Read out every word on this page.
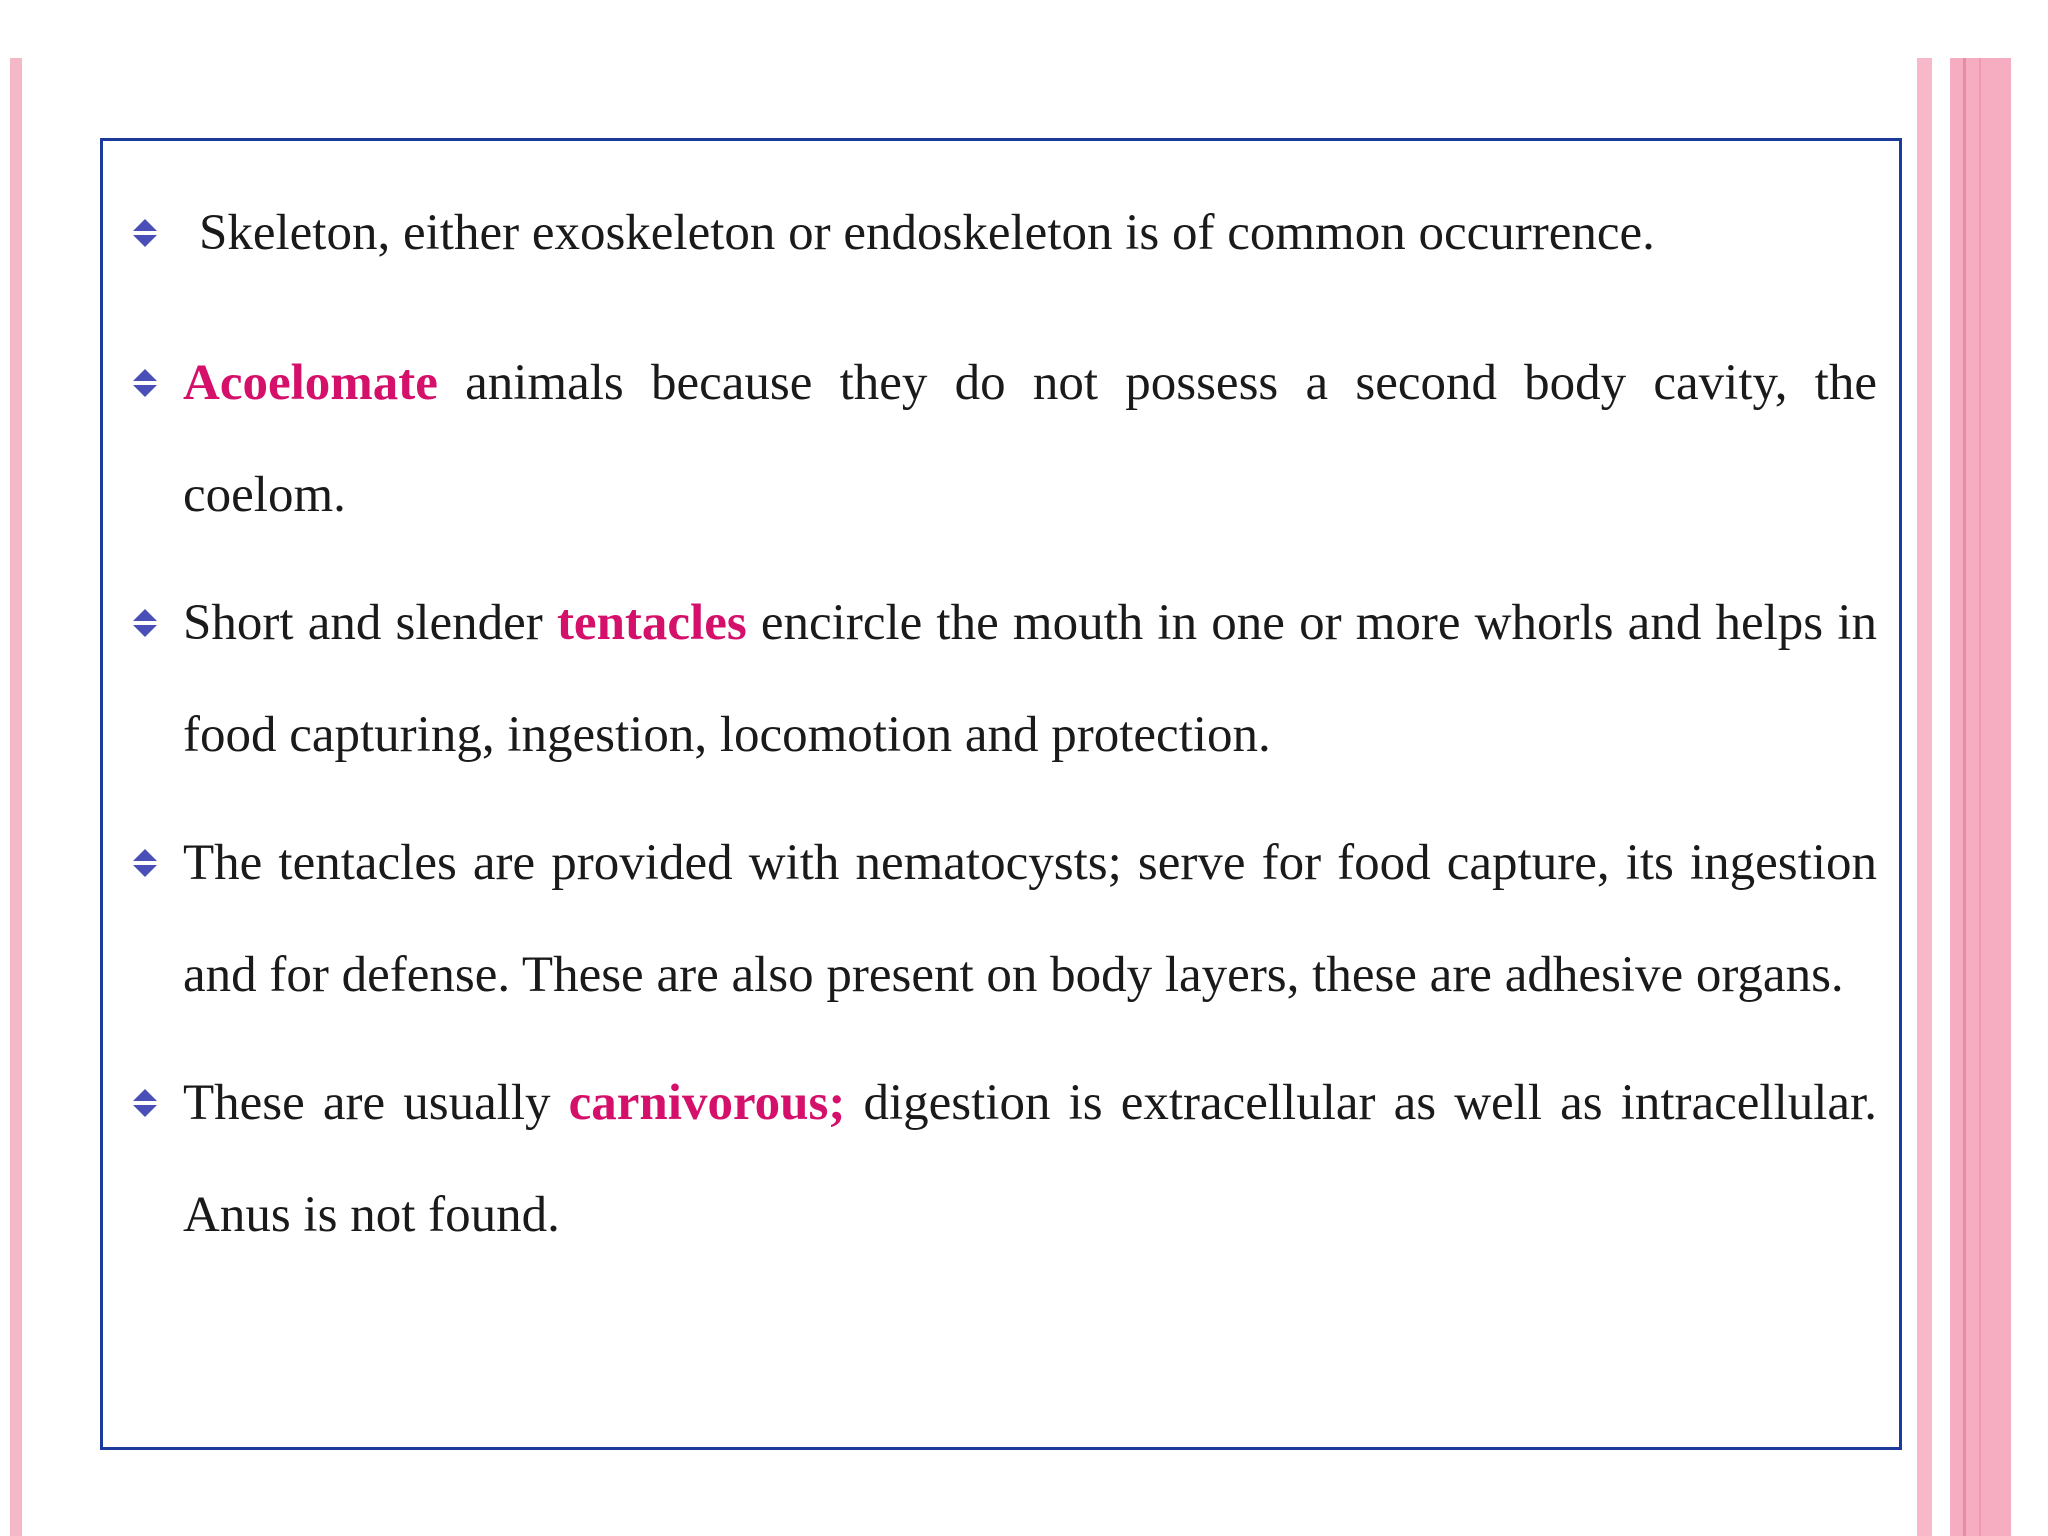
Skeleton, either exoskeleton or endoskeleton is of common occurrence.
Acoelomate animals because they do not possess a second body cavity, the coelom.
Short and slender tentacles encircle the mouth in one or more whorls and helps in food capturing, ingestion, locomotion and protection.
The tentacles are provided with nematocysts; serve for food capture, its ingestion and for defense. These are also present on body layers, these are adhesive organs.
These are usually carnivorous; digestion is extracellular as well as intracellular. Anus is not found.
